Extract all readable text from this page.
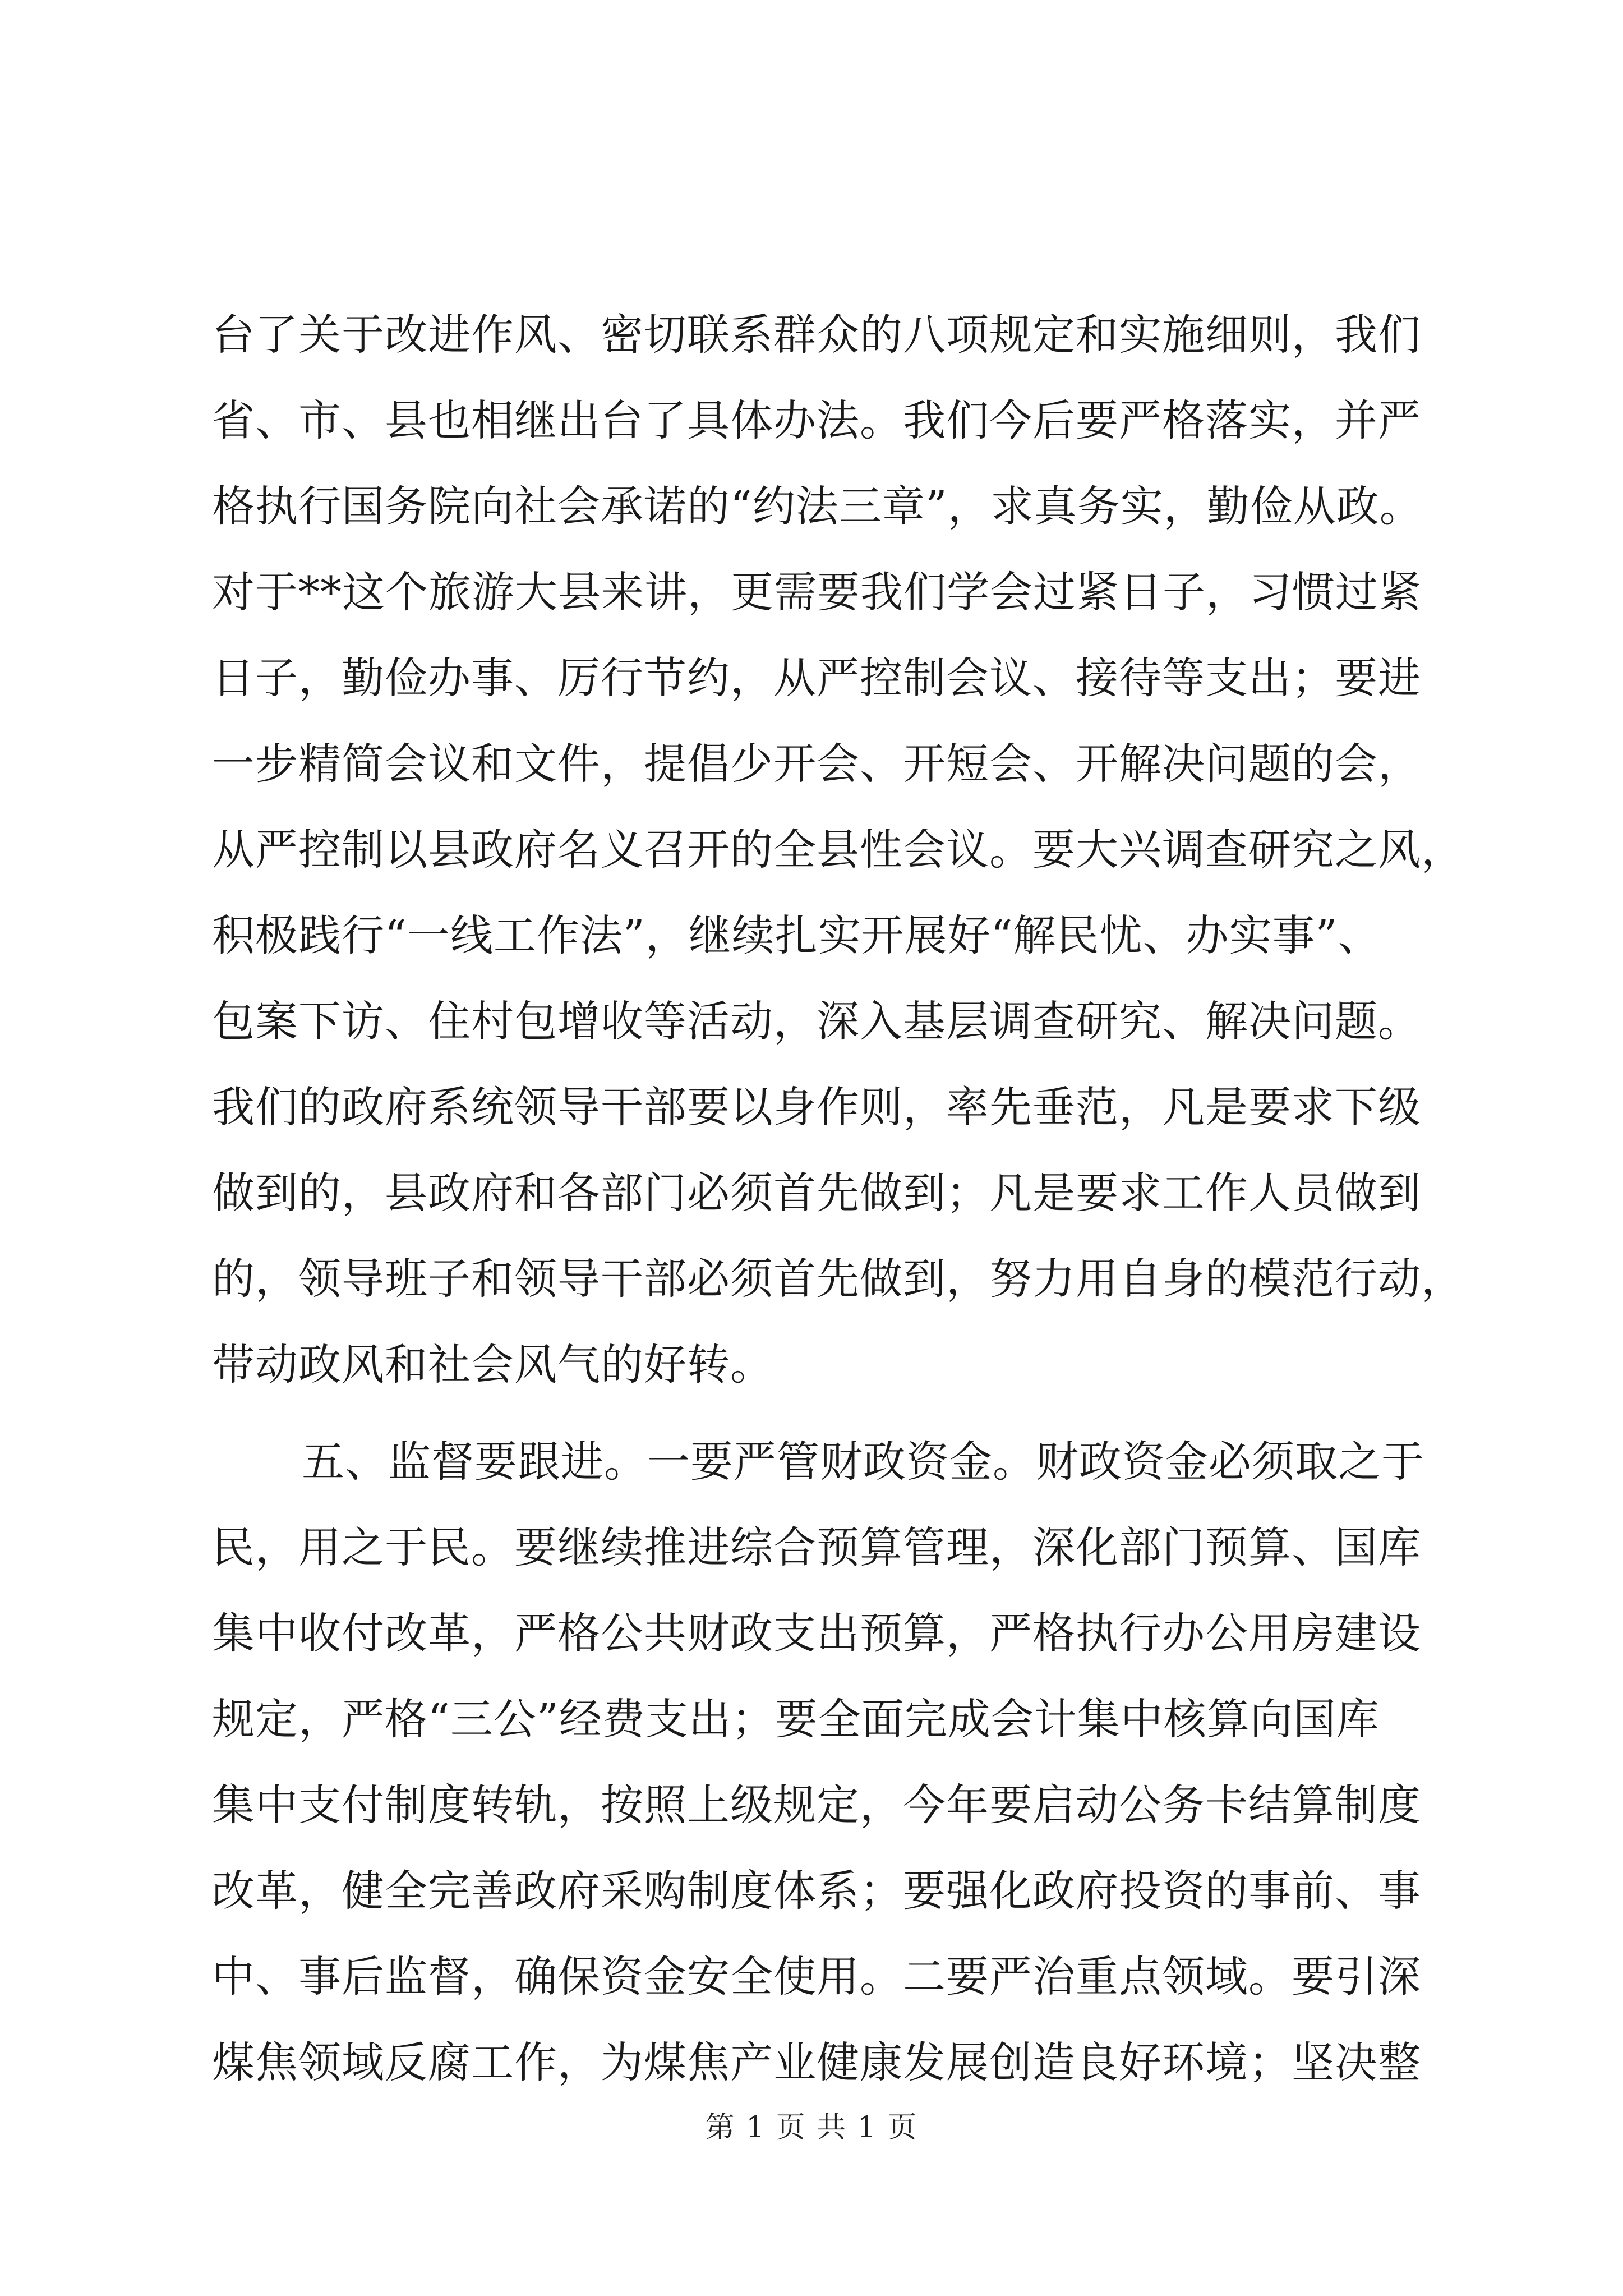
台了关于改进作风、密切联系群众的八项规定和实施细则，我们
省、市、县也相继出台了具体办法。我们今后要严格落实，并严
格执行国务院向社会承诺的“约法三章”，求真务实，勤俭从政。
对于**这个旅游大县来讲，更需要我们学会过紧日子，习惯过紧
日子，勤俭办事、厉行节约，从严控制会议、接待等支出；要进
一步精简会议和文件，提倡少开会、开短会、开解决问题的会，
从严控制以县政府名义召开的全县性会议。要大兴调查研究之风，
积极践行“一线工作法”，继续扎实开展好“解民忧、办实事”、
包案下访、住村包增收等活动，深入基层调查研究、解决问题。
我们的政府系统领导干部要以身作则，率先垂范，凡是要求下级
做到的，县政府和各部门必须首先做到；凡是要求工作人员做到
的，领导班子和领导干部必须首先做到，努力用自身的模范行动，
带动政风和社会风气的好转。
五、监督要跟进。一要严管财政资金。财政资金必须取之于
民，用之于民。要继续推进综合预算管理，深化部门预算、国库
集中收付改革，严格公共财政支出预算，严格执行办公用房建设
规定，严格“三公”经费支出；要全面完成会计集中核算向国库
集中支付制度转轨，按照上级规定，今年要启动公务卡结算制度
改革，健全完善政府采购制度体系；要强化政府投资的事前、事
中、事后监督，确保资金安全使用。二要严治重点领域。要引深
煤焦领域反腐工作，为煤焦产业健康发展创造良好环境；坚决整
第 1 页 共 1 页
